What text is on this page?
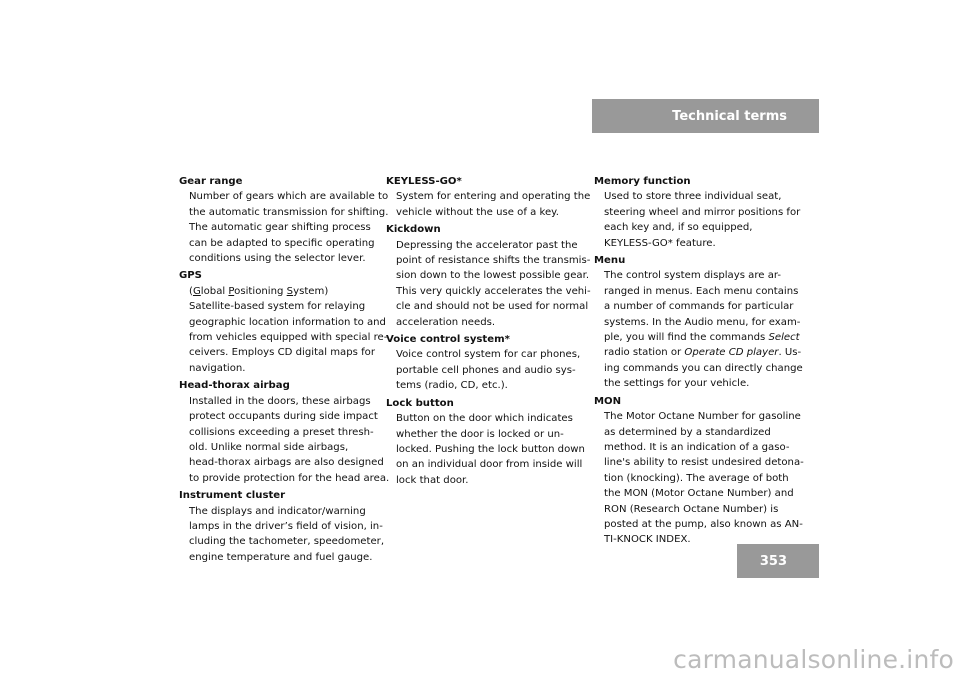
Technical terms
Gear range
Number of gears which are available to
the automatic transmission for shifting.
The automatic gear shifting process
can be adapted to specific operating
conditions using the selector lever.
GPS
(Global Positioning System)
Satellite-based system for relaying
geographic location information to and
from vehicles equipped with special re-
ceivers. Employs CD digital maps for
navigation.
Head-thorax airbag
Installed in the doors, these airbags
protect occupants during side impact
collisions exceeding a preset thresh-
old. Unlike normal side airbags,
head-thorax airbags are also designed
to provide protection for the head area.
Instrument cluster
The displays and indicator/warning
lamps in the driver’s field of vision, in-
cluding the tachometer, speedometer,
engine temperature and fuel gauge.
KEYLESS-GO*
System for entering and operating the
vehicle without the use of a key.
Kickdown
Depressing the accelerator past the
point of resistance shifts the transmis-
sion down to the lowest possible gear.
This very quickly accelerates the vehi-
cle and should not be used for normal
acceleration needs.
Voice control system*
Voice control system for car phones,
portable cell phones and audio sys-
tems (radio, CD, etc.).
Lock button
Button on the door which indicates
whether the door is locked or un-
locked. Pushing the lock button down
on an individual door from inside will
lock that door.
Memory function
Used to store three individual seat,
steering wheel and mirror positions for
each key and, if so equipped,
KEYLESS-GO* feature.
Menu
The control system displays are ar-
ranged in menus. Each menu contains
a number of commands for particular
systems. In the Audio menu, for exam-
ple, you will find the commands Select
radio station or Operate CD player. Us-
ing commands you can directly change
the settings for your vehicle.
MON
The Motor Octane Number for gasoline
as determined by a standardized
method. It is an indication of a gaso-
line's ability to resist undesired detona-
tion (knocking). The average of both
the MON (Motor Octane Number) and
RON (Research Octane Number) is
posted at the pump, also known as AN-
TI-KNOCK INDEX.
353
carmanualsonline.info
